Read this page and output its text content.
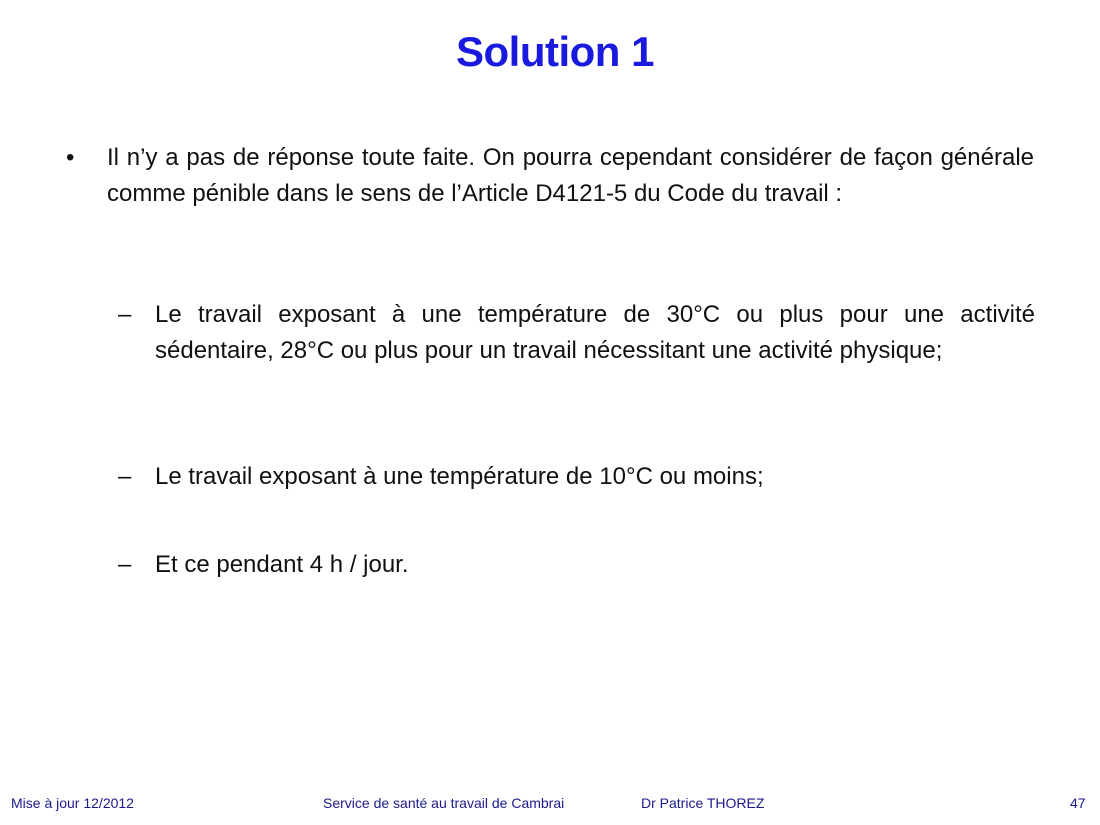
Solution 1
• Il n’y a pas de réponse toute faite. On pourra cependant considérer de façon générale comme pénible dans le sens de l’Article D4121-5 du Code du travail :
– Le travail exposant à une température de 30°C ou plus pour une activité sédentaire, 28°C ou plus pour un travail nécessitant une activité physique;
– Le travail exposant à une température de 10°C ou moins;
– Et ce pendant 4 h / jour.
Mise à jour 12/2012	Service de santé au travail de Cambrai	Dr Patrice THOREZ	47
